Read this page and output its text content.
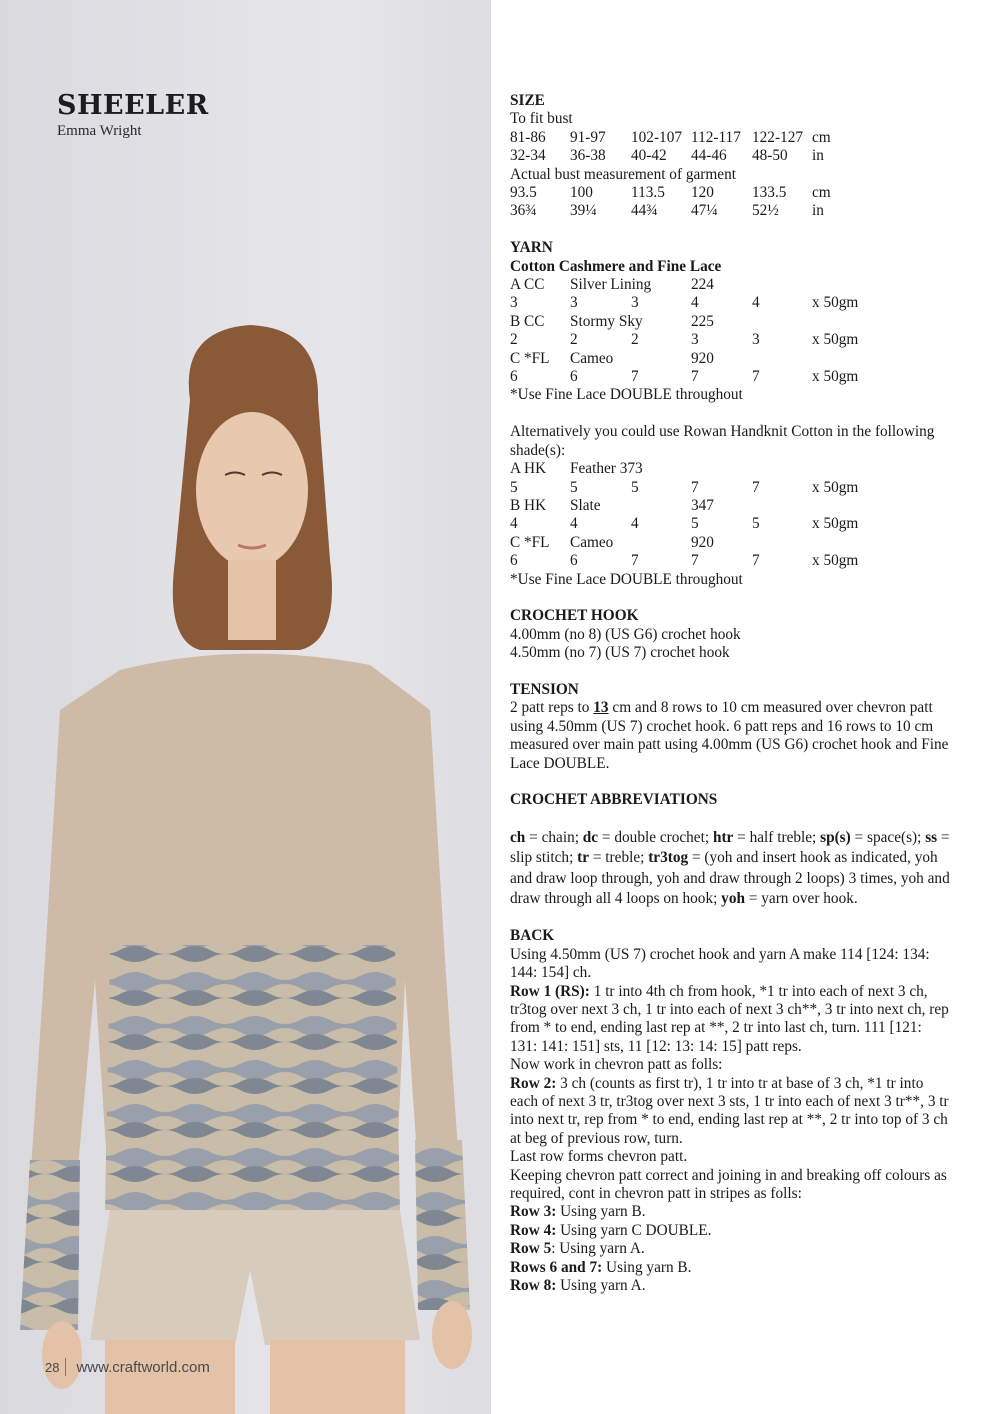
SHEELER
Emma Wright
28 www.craftworld.com

SIZE

To fit bust

81-86	91-97	102-107 112-117 122-127 cm
32-34	36-38	40-42	44-46	48-50	in

Actual bust measurement of garment

93.5	100	113.5	120	133.5	cm
36¾	39¼	44¾	47¼	52½	in

YARN

Cotton Cashmere and Fine Lace

A CC	Silver Lining	224
3	3	3	4	4	x 50gm
B CC	Stormy Sky	225
2	2	2	3	3	x 50gm
C *FL	Cameo	920
6	6	7	7	7	x 50gm

*Use Fine Lace DOUBLE throughout

Alternatively you could use Rowan Handknit Cotton in the following shade(s):

A HK	Feather 373
5	5	5	7	7	x 50gm
B HK	Slate	347
4	4	4	5	5	x 50gm
C *FL	Cameo	920
6	6	7	7	7	x 50gm

*Use Fine Lace DOUBLE throughout

CROCHET HOOK

4.00mm (no 8) (US G6) crochet hook

4.50mm (no 7) (US 7) crochet hook

TENSION

2 patt reps to 13 cm and 8 rows to 10 cm measured over chevron patt using 4.50mm (US 7) crochet hook. 6 patt reps and 16 rows to 10 cm measured over main patt using 4.00mm (US G6) crochet hook and Fine Lace DOUBLE.

CROCHET ABBREVIATIONS

ch = chain; dc = double crochet; htr = half treble; sp(s) = space(s); ss = slip stitch; tr = treble; tr3tog = (yoh and insert hook as indicated, yoh and draw loop through, yoh and draw through 2 loops) 3 times, yoh and draw through all 4 loops on hook; yoh = yarn over hook.

BACK

Using 4.50mm (US 7) crochet hook and yarn A make 114 [124: 134: 144: 154] ch.

Row 1 (RS): 1 tr into 4th ch from hook, *1 tr into each of next 3 ch, tr3tog over next 3 ch, 1 tr into each of next 3 ch**, 3 tr into next ch, rep from * to end, ending last rep at **, 2 tr into last ch, turn. 111 [121: 131: 141: 151] sts, 11 [12: 13: 14: 15] patt reps.

Now work in chevron patt as folls:

Row 2: 3 ch (counts as first tr), 1 tr into tr at base of 3 ch, *1 tr into each of next 3 tr, tr3tog over next 3 sts, 1 tr into each of next 3 tr**, 3 tr into next tr, rep from * to end, ending last rep at **, 2 tr into top of 3 ch at beg of previous row, turn.

Last row forms chevron patt.

Keeping chevron patt correct and joining in and breaking off colours as required, cont in chevron patt in stripes as folls:

Row 3: Using yarn B.

Row 4: Using yarn C DOUBLE.

Row 5: Using yarn A.

Rows 6 and 7: Using yarn B.

Row 8: Using yarn A.
